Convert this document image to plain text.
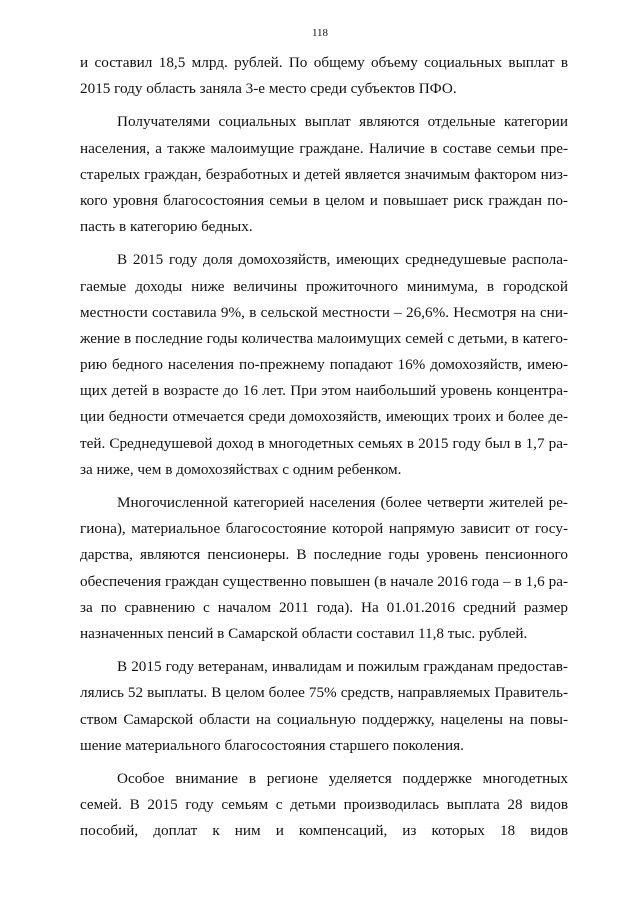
118
и составил 18,5 млрд. рублей. По общему объему социальных выплат в
2015 году область заняла 3-е место среди субъектов ПФО.
Получателями социальных выплат являются отдельные категории
населения, а также малоимущие граждане. Наличие в составе семьи пре-
старелых граждан, безработных и детей является значимым фактором низ-
кого уровня благосостояния семьи в целом и повышает риск граждан по-
пасть в категорию бедных.
В 2015 году доля домохозяйств, имеющих среднедушевые распола-
гаемые доходы ниже величины прожиточного минимума, в городской
местности составила 9%, в сельской местности – 26,6%. Несмотря на сни-
жение в последние годы количества малоимущих семей с детьми, в катего-
рию бедного населения по-прежнему попадают 16% домохозяйств, имею-
щих детей в возрасте до 16 лет. При этом наибольший уровень концентра-
ции бедности отмечается среди домохозяйств, имеющих троих и более де-
тей. Среднедушевой доход в многодетных семьях в 2015 году был в 1,7 ра-
за ниже, чем в домохозяйствах с одним ребенком.
Многочисленной категорией населения (более четверти жителей ре-
гиона), материальное благосостояние которой напрямую зависит от госу-
дарства, являются пенсионеры. В последние годы уровень пенсионного
обеспечения граждан существенно повышен (в начале 2016 года – в 1,6 ра-
за по сравнению с началом 2011 года). На 01.01.2016 средний размер
назначенных пенсий в Самарской области составил 11,8 тыс. рублей.
В 2015 году ветеранам, инвалидам и пожилым гражданам предостав-
лялись 52 выплаты. В целом более 75% средств, направляемых Правитель-
ством Самарской области на социальную поддержку, нацелены на повы-
шение материального благосостояния старшего поколения.
Особое внимание в регионе уделяется поддержке многодетных
семей. В 2015 году семьям с детьми производилась выплата 28 видов
пособий, доплат к ним и компенсаций, из которых 18 видов
